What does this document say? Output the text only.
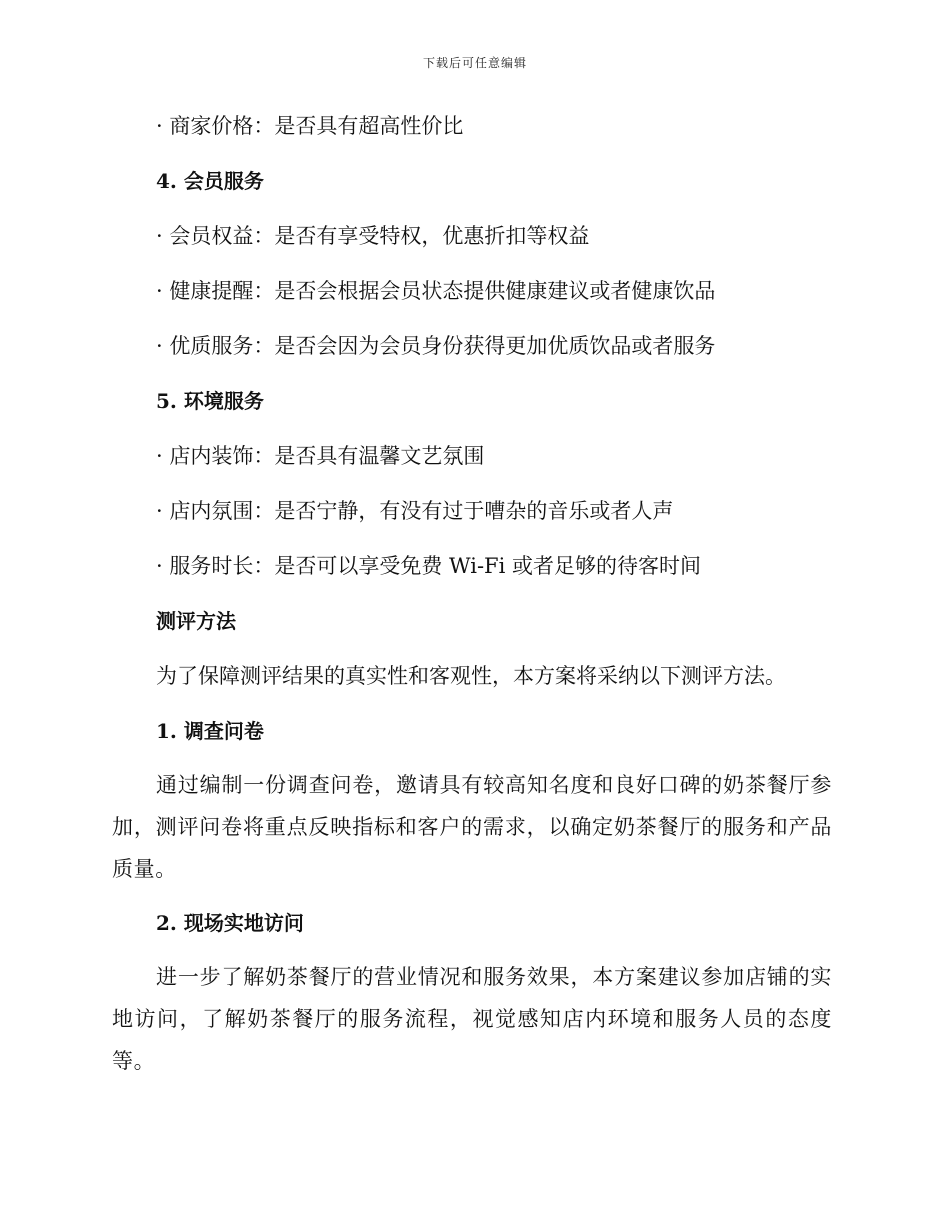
下载后可任意编辑
· 商家价格：是否具有超高性价比
4. 会员服务
· 会员权益：是否有享受特权，优惠折扣等权益
· 健康提醒：是否会根据会员状态提供健康建议或者健康饮品
· 优质服务：是否会因为会员身份获得更加优质饮品或者服务
5. 环境服务
· 店内装饰：是否具有温馨文艺氛围
· 店内氛围：是否宁静，有没有过于嘈杂的音乐或者人声
· 服务时长：是否可以享受免费 Wi-Fi 或者足够的待客时间
测评方法
为了保障测评结果的真实性和客观性，本方案将采纳以下测评方法。
1. 调查问卷
通过编制一份调查问卷，邀请具有较高知名度和良好口碑的奶茶餐厅参加，测评问卷将重点反映指标和客户的需求，以确定奶茶餐厅的服务和产品质量。
2. 现场实地访问
进一步了解奶茶餐厅的营业情况和服务效果，本方案建议参加店铺的实地访问，了解奶茶餐厅的服务流程，视觉感知店内环境和服务人员的态度等。
